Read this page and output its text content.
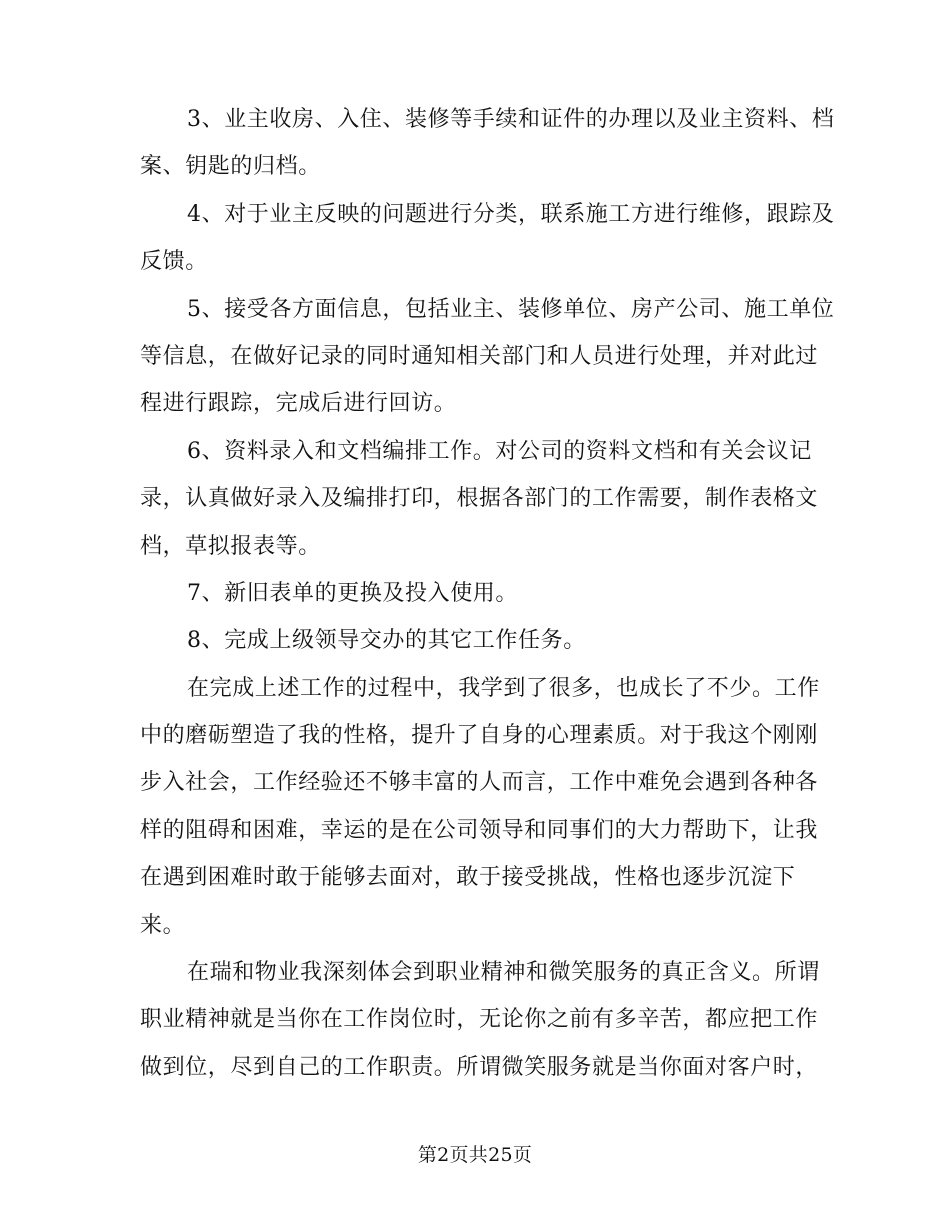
3、业主收房、入住、装修等手续和证件的办理以及业主资料、档
案、钥匙的归档。

4、对于业主反映的问题进行分类，联系施工方进行维修，跟踪及
反馈。

5、接受各方面信息，包括业主、装修单位、房产公司、施工单位
等信息，在做好记录的同时通知相关部门和人员进行处理，并对此过
程进行跟踪，完成后进行回访。

6、资料录入和文档编排工作。对公司的资料文档和有关会议记
录，认真做好录入及编排打印，根据各部门的工作需要，制作表格文
档，草拟报表等。

7、新旧表单的更换及投入使用。

8、完成上级领导交办的其它工作任务。

在完成上述工作的过程中，我学到了很多，也成长了不少。工作
中的磨砺塑造了我的性格，提升了自身的心理素质。对于我这个刚刚
步入社会，工作经验还不够丰富的人而言，工作中难免会遇到各种各
样的阻碍和困难，幸运的是在公司领导和同事们的大力帮助下，让我
在遇到困难时敢于能够去面对，敢于接受挑战，性格也逐步沉淀下
来。

在瑞和物业我深刻体会到职业精神和微笑服务的真正含义。所谓
职业精神就是当你在工作岗位时，无论你之前有多辛苦，都应把工作
做到位，尽到自己的工作职责。所谓微笑服务就是当你面对客户时，

第2页共25页
